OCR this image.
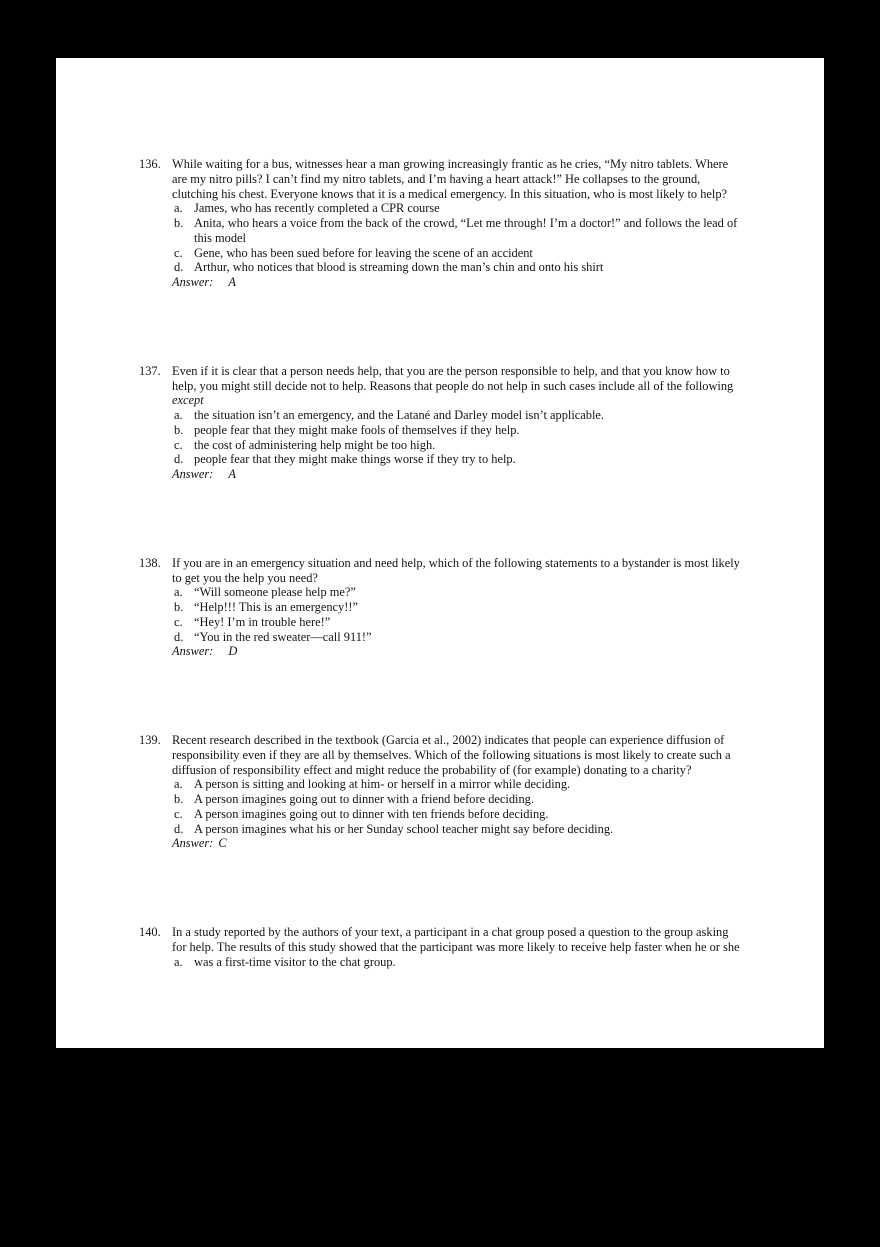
136. While waiting for a bus, witnesses hear a man growing increasingly frantic as he cries, “My nitro tablets. Where are my nitro pills? I can’t find my nitro tablets, and I’m having a heart attack!” He collapses to the ground, clutching his chest. Everyone knows that it is a medical emergency. In this situation, who is most likely to help?
a. James, who has recently completed a CPR course
b. Anita, who hears a voice from the back of the crowd, “Let me through! I’m a doctor!” and follows the lead of this model
c. Gene, who has been sued before for leaving the scene of an accident
d. Arthur, who notices that blood is streaming down the man’s chin and onto his shirt
Answer: A
137. Even if it is clear that a person needs help, that you are the person responsible to help, and that you know how to help, you might still decide not to help. Reasons that people do not help in such cases include all of the following except
a. the situation isn’t an emergency, and the Latané and Darley model isn’t applicable.
b. people fear that they might make fools of themselves if they help.
c. the cost of administering help might be too high.
d. people fear that they might make things worse if they try to help.
Answer: A
138. If you are in an emergency situation and need help, which of the following statements to a bystander is most likely to get you the help you need?
a. “Will someone please help me?”
b. “Help!!! This is an emergency!!”
c. “Hey! I’m in trouble here!”
d. “You in the red sweater—call 911!”
Answer: D
139. Recent research described in the textbook (Garcia et al., 2002) indicates that people can experience diffusion of responsibility even if they are all by themselves. Which of the following situations is most likely to create such a diffusion of responsibility effect and might reduce the probability of (for example) donating to a charity?
a. A person is sitting and looking at him- or herself in a mirror while deciding.
b. A person imagines going out to dinner with a friend before deciding.
c. A person imagines going out to dinner with ten friends before deciding.
d. A person imagines what his or her Sunday school teacher might say before deciding.
Answer: C
140. In a study reported by the authors of your text, a participant in a chat group posed a question to the group asking for help. The results of this study showed that the participant was more likely to receive help faster when he or she
a. was a first-time visitor to the chat group.
